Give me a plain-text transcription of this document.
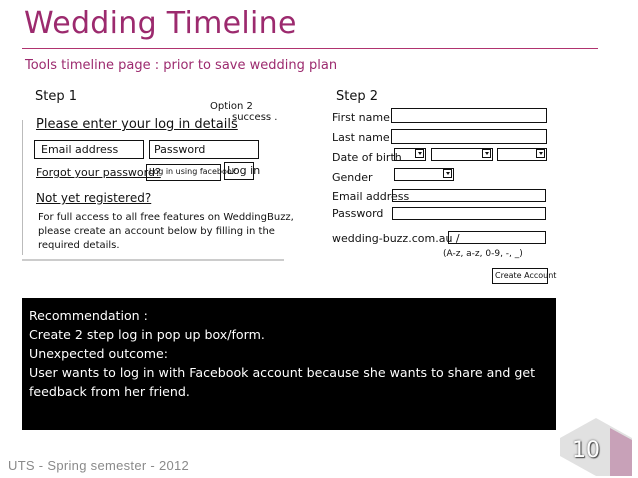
Wedding Timeline
Tools timeline page : prior to save wedding plan
Step 1	Step 2
Please enter your log in details
Option 2
success .
Email address	Password
Forgot your password?
Log in using facebook
Log in
Not yet registered?
For full access to all free features on WeddingBuzz,
please create an account below by filling in the
required details.
First name
Last name
Date of birth
Gender
Email address
Password
wedding-buzz.com.au /
(A-z, a-z, 0-9, -, _)
Create Account
Recommendation :
Create 2 step log in pop up box/form.
Unexpected outcome:
User wants to log in with Facebook account because she wants to share and get
feedback from her friend.
UTS - Spring semester - 2012
10
